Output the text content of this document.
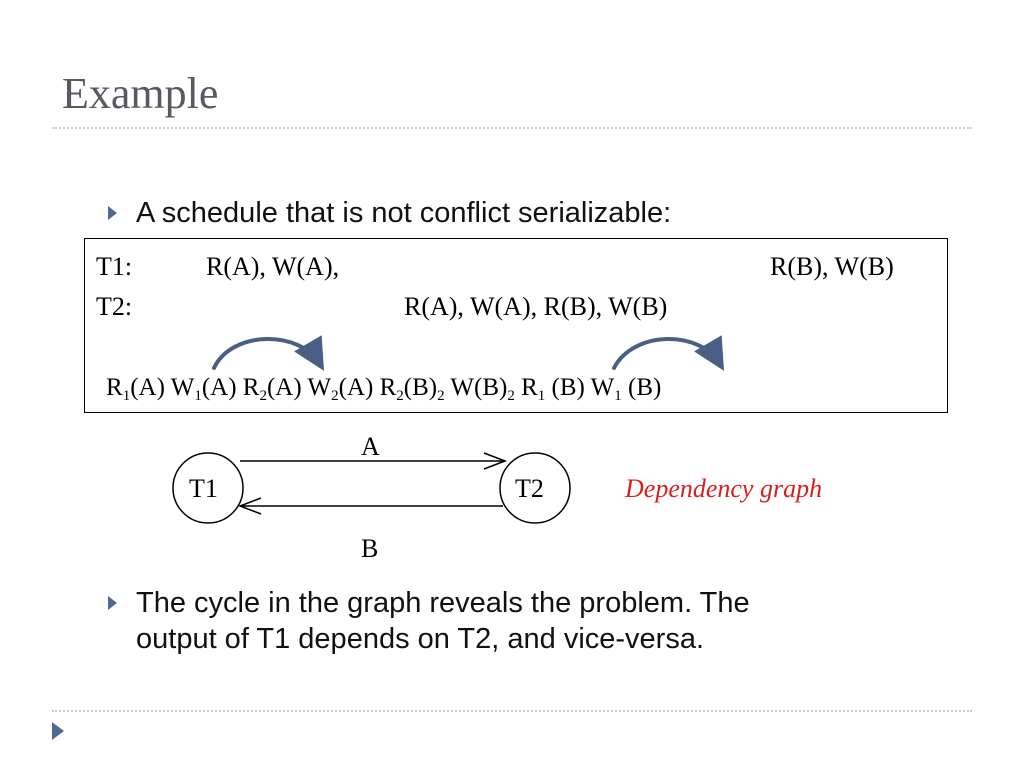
Example
A schedule that is not conflict serializable:
T1:	R(A), W(A),	R(B), W(B)
T2:	R(A), W(A), R(B), W(B)
$R_1(A)$ $W_1(A)$ $R_2(A)$ $W_2(A)$ $R_2(B)_2$ $W(B)_2$ $R_1$ (B) $W_1$ (B)
T1	T2
A
B
Dependency graph
The cycle in the graph reveals the problem. The
output of T1 depends on T2, and vice-versa.
